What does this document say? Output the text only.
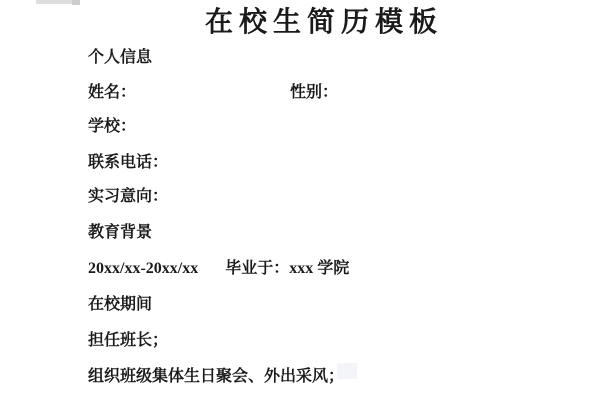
在校生简历模板

个人信息

姓名：	性别：

学校：

联系电话：

实习意向：

教育背景

20xx/xx-20xx/xx 毕业于：xxx 学院

在校期间

担任班长；

组织班级集体生日聚会、外出采风；
